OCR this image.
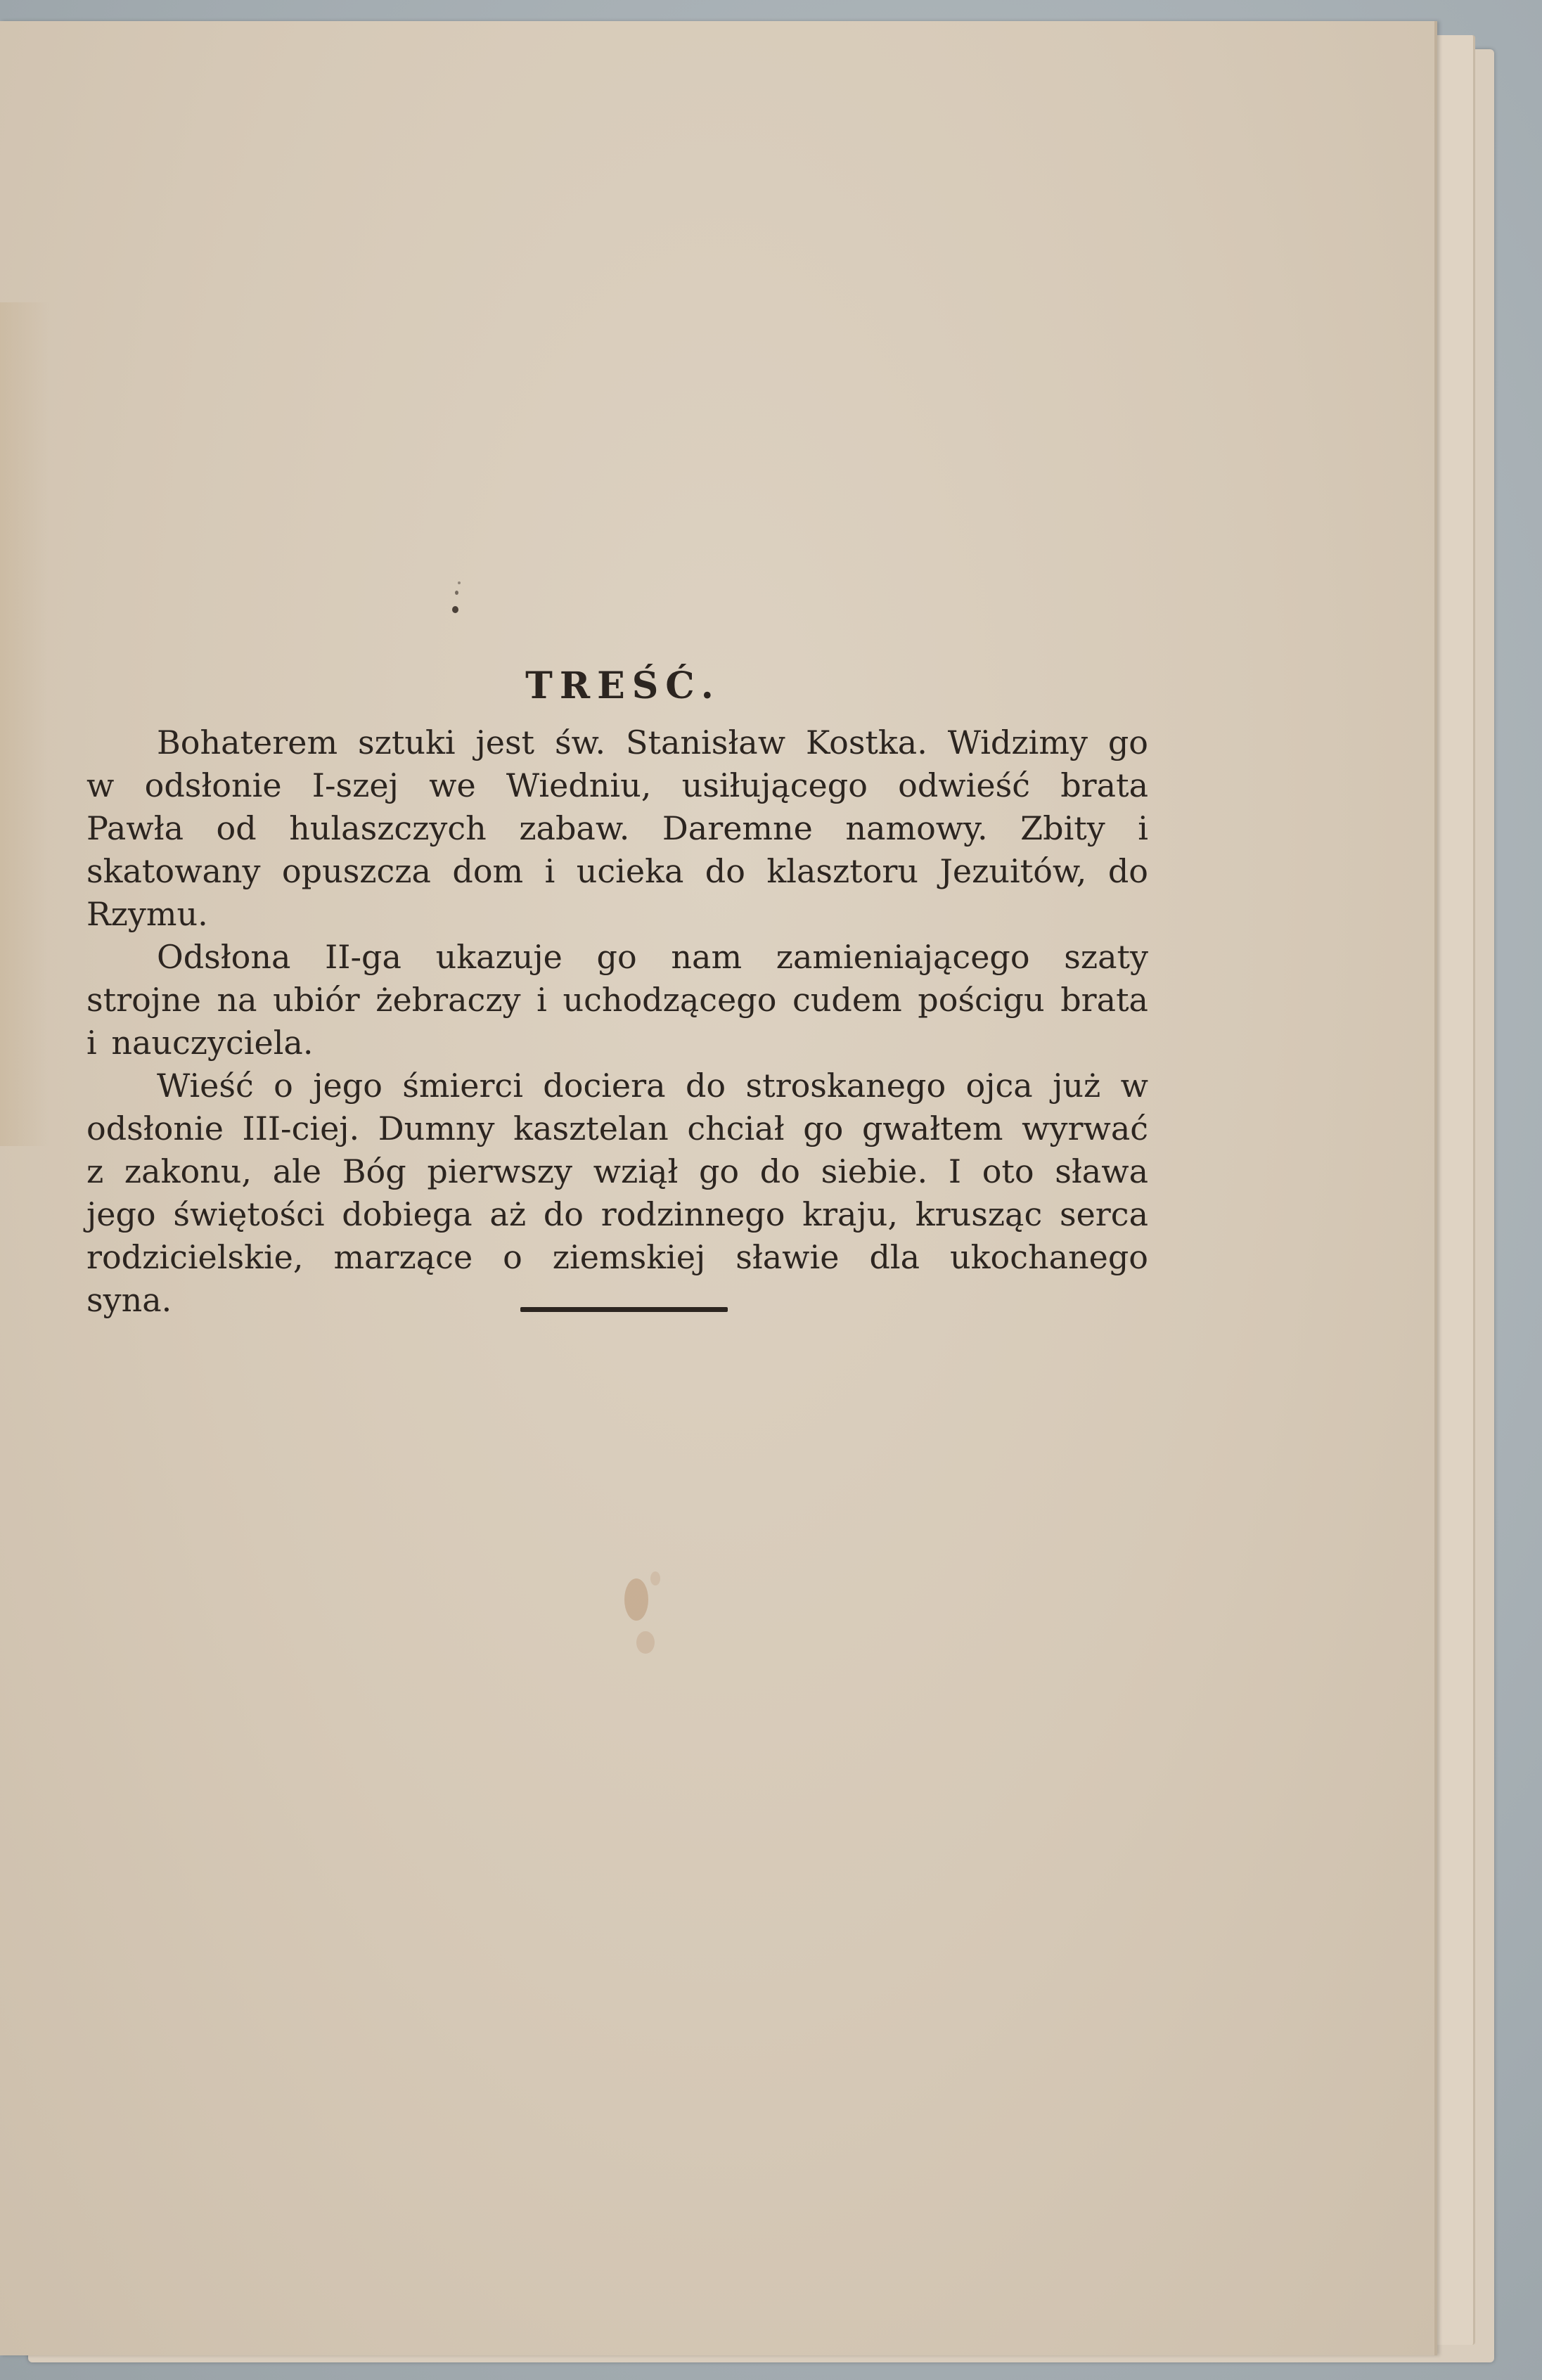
TREŚĆ.

Bohaterem sztuki jest św. Stanisław Kostka. Widzimy go w odsłonie I-szej we Wiedniu, usiłującego odwieść brata Pawła od hulaszczych zabaw. Daremne namowy. Zbity i skatowany opuszcza dom i ucieka do klasztoru Jezuitów, do Rzymu.

Odsłona II-ga ukazuje go nam zamieniającego szaty strojne na ubiór żebraczy i uchodzącego cudem pościgu brata i nauczyciela.

Wieść o jego śmierci dociera do stroskanego ojca już w odsłonie III-ciej. Dumny kasztelan chciał go gwałtem wyrwać z zakonu, ale Bóg pierwszy wziął go do siebie. I oto sława jego świętości dobiega aż do rodzinnego kraju, krusząc serca rodzicielskie, marzące o ziemskiej sławie dla ukochanego syna.
